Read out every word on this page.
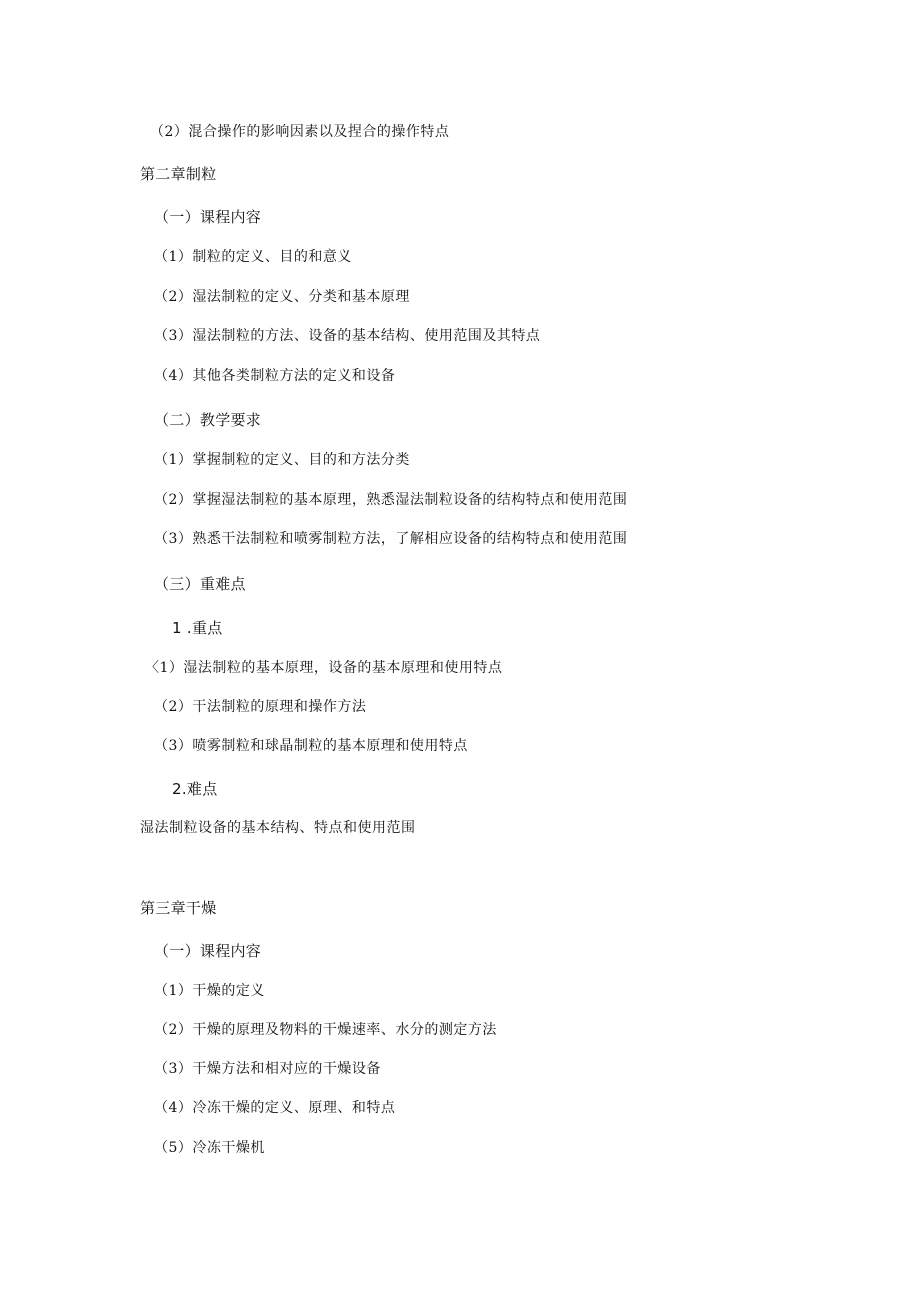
（2）混合操作的影响因素以及捏合的操作特点
第二章制粒
（一）课程内容
（1）制粒的定义、目的和意义
（2）湿法制粒的定义、分类和基本原理
（3）湿法制粒的方法、设备的基本结构、使用范围及其特点
（4）其他各类制粒方法的定义和设备
（二）教学要求
（1）掌握制粒的定义、目的和方法分类
（2）掌握湿法制粒的基本原理，熟悉湿法制粒设备的结构特点和使用范围
（3）熟悉干法制粒和喷雾制粒方法，了解相应设备的结构特点和使用范围
（三）重难点
1 .重点
〈1）湿法制粒的基本原理，设备的基本原理和使用特点
（2）干法制粒的原理和操作方法
（3）喷雾制粒和球晶制粒的基本原理和使用特点
2.难点
湿法制粒设备的基本结构、特点和使用范围
第三章干燥
（一）课程内容
（1）干燥的定义
（2）干燥的原理及物料的干燥速率、水分的测定方法
（3）干燥方法和相对应的干燥设备
（4）冷冻干燥的定义、原理、和特点
（5）冷冻干燥机
